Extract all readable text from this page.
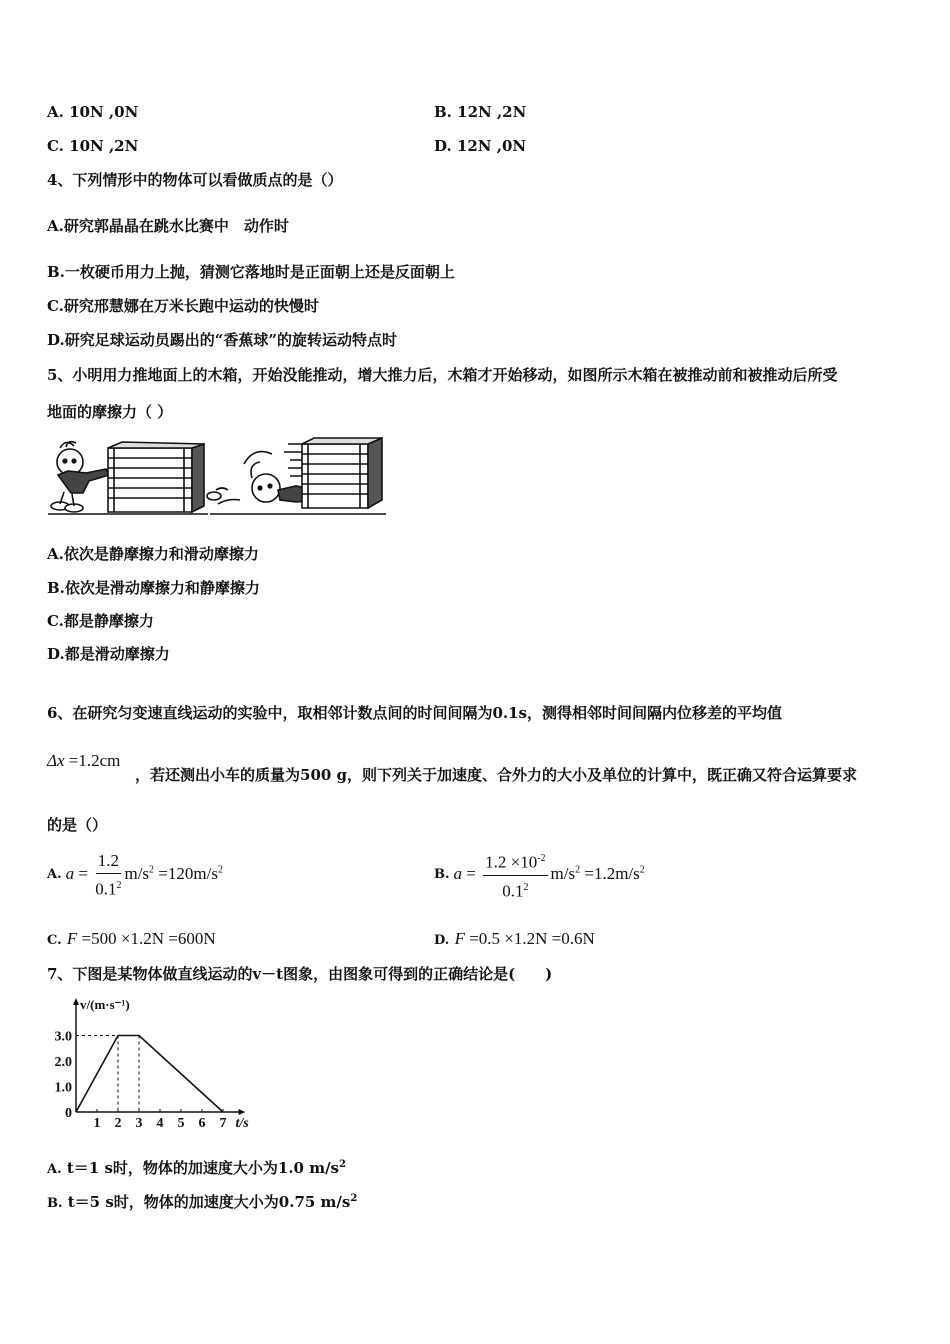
A. 10N ,0N	B. 12N ,2N
C. 10N ,2N	D. 12N ,0N
4、下列情形中的物体可以看做质点的是（）
A.研究郭晶晶在跳水比赛中　动作时
B.一枚硬币用力上抛，猜测它落地时是正面朝上还是反面朝上
C.研究邢慧娜在万米长跑中运动的快慢时
D.研究足球运动员踢出的“香蕉球”的旋转运动特点时
5、小明用力推地面上的木箱，开始没能推动，增大推力后，木箱才开始移动，如图所示木箱在被推动前和被推动后所受
地面的摩擦力（ ）
A.依次是静摩擦力和滑动摩擦力
B.依次是滑动摩擦力和静摩擦力
C.都是静摩擦力
D.都是滑动摩擦力
6、在研究匀变速直线运动的实验中，取相邻计数点间的时间间隔为0.1s，测得相邻时间间隔内位移差的平均值
Δx =1.2cm
，若还测出小车的质量为500 g，则下列关于加速度、合外力的大小及单位的计算中，既正确又符合运算要求
的是（）
A. $a = \frac{1.2}{0.1^2} m/s^2 =120m/s^2$	B. $a = \frac{1.2 \times 10^{-2}}{0.1^2} m/s^2 =1.2m/s^2$
C. F =500 ×1.2N =600N	D. F =0.5 ×1.2N =0.6N
7、下图是某物体做直线运动的v－t图象，由图象可得到的正确结论是(　　)
3.0
2.0
1.0
0
1 2 3 4 5 6 7
v/(m·s⁻¹)
t/s
A. t＝1 s时，物体的加速度大小为1.0 $m/s^2$
B. t＝5 s时，物体的加速度大小为0.75 $m/s^2$
